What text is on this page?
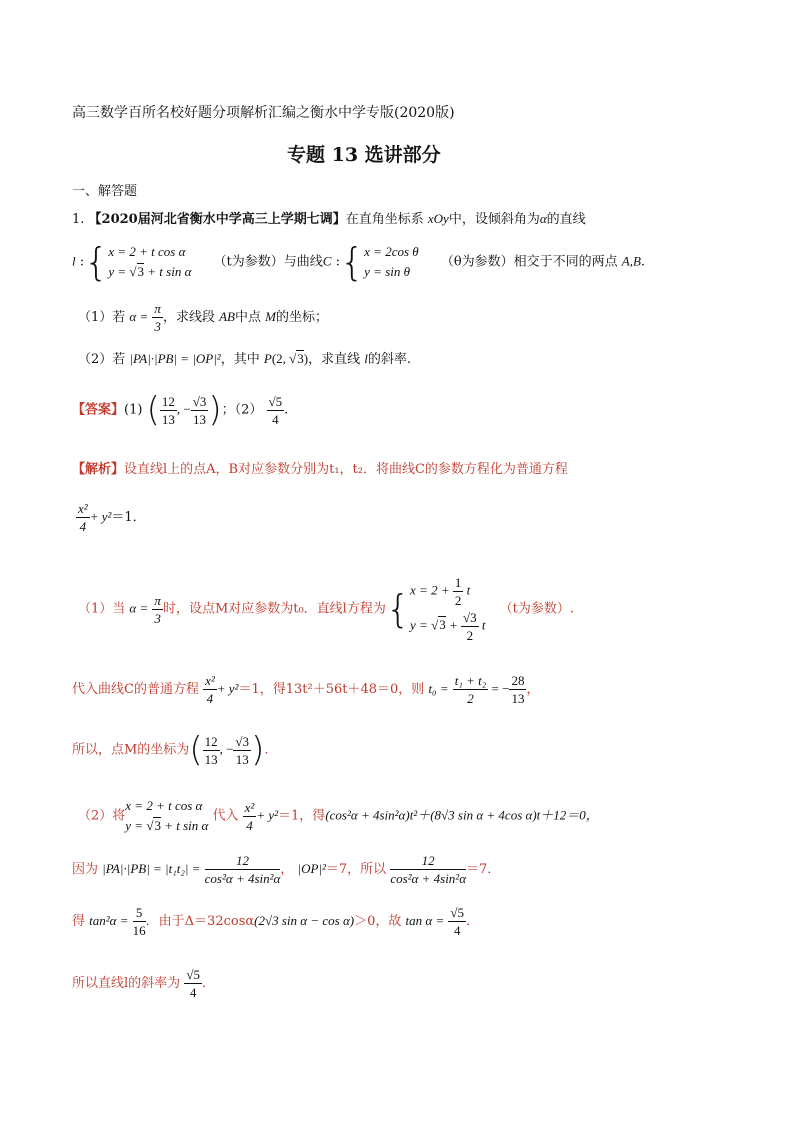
高三数学百所名校好题分项解析汇编之衡水中学专版(2020版)
专题 13 选讲部分
一、解答题
1. 【2020届河北省衡水中学高三上学期七调】在直角坐标系 xOy中，设倾斜角为α的直线
l :{ x = 2 + t cos α
y = √3 + t sin α
（t为参数）与曲线C :{ x = 2cos θ
y = sin θ
（θ为参数）相交于不同的两点 A,B.
（1）若 $\alpha = \frac{\pi}{3}$ ，求线段 AB中点 M的坐标；
（2）若 |PA|·|PB| = |OP|²，其中 P(2, √3)，求直线 l的斜率.
【答案】(1) ( $\frac{12}{13}$ , − $\frac{√3}{13}$ )；$(2) \frac{√5}{4}$ .
【解析】设直线l上的点A，B对应参数分别为t₁，t₂．将曲线C的参数方程化为普通方程
$\frac{\text{x²}}{4} + y^2=1$．
（1）当 $\alpha = \frac{\pi}{3}$ 时，设点M对应参数为t₀．直线l方程为{ $x = 2 + \frac{1}{2}$ t
$y = √3 + \frac{√3}{2}$ t
（t为参数）.
代入曲线C的普通方程 $\frac{\text{x²}}{4} + y^2=1$，得13t²＋56t＋48＝0，则 $t_0 = \frac{\text{t₁ + t₂}}{2}$ = − $\frac{28}{13}$ ，
所以，点M的坐标为( $\frac{12}{13}$ , − $\frac{√3}{13}$ ).
（2）将
x = 2 + t cos α
y = √3 + t sin α
代入 $\frac{\text{x²}}{4} + y^2=1$，得(cos²α + 4sin²α)t²＋(8√3 sin α + 4cos α)t＋12＝0，
因为 $|PA|\cdot|PB| = |t_1t_2| = \frac{12}{\text{cos²α + 4sin²α}}$ ， |OP|²＝7，所以 $\frac{12}{\text{cos²α + 4sin²α}} =7$．
得 $\tan^2\alpha = \frac{5}{16}$ ．由于Δ＝32cosα(2√3 sin α − cos α)＞0，故 $\tan \alpha = \frac{√5}{4}$ ．
所以直线l的斜率为 $\frac{√5}{4}$ ．
